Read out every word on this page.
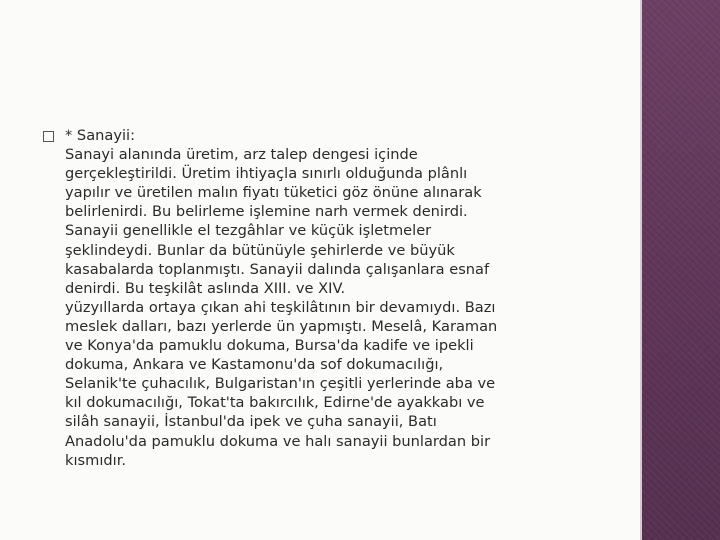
* Sanayii:
Sanayi alanında üretim, arz talep dengesi içinde
gerçekleştirildi. Üretim ihtiyaçla sınırlı olduğunda plânlı
yapılır ve üretilen malın fiyatı tüketici göz önüne alınarak
belirlenirdi. Bu belirleme işlemine narh vermek denirdi.
Sanayii genellikle el tezgâhlar ve küçük işletmeler
şeklindeydi. Bunlar da bütünüyle şehirlerde ve büyük
kasabalarda toplanmıştı. Sanayii dalında çalışanlara esnaf
denirdi. Bu teşkilât aslında XIII. ve XIV.
yüzyıllarda ortaya çıkan ahi teşkilâtının bir devamıydı. Bazı
meslek dalları, bazı yerlerde ün yapmıştı. Meselâ, Karaman
ve Konya'da pamuklu dokuma, Bursa'da kadife ve ipekli
dokuma, Ankara ve Kastamonu'da sof dokumacılığı,
Selanik'te çuhacılık, Bulgaristan'ın çeşitli yerlerinde aba ve
kıl dokumacılığı, Tokat'ta bakırcılık, Edirne'de ayakkabı ve
silâh sanayii, İstanbul'da ipek ve çuha sanayii, Batı
Anadolu'da pamuklu dokuma ve halı sanayii bunlardan bir
kısmıdır.
